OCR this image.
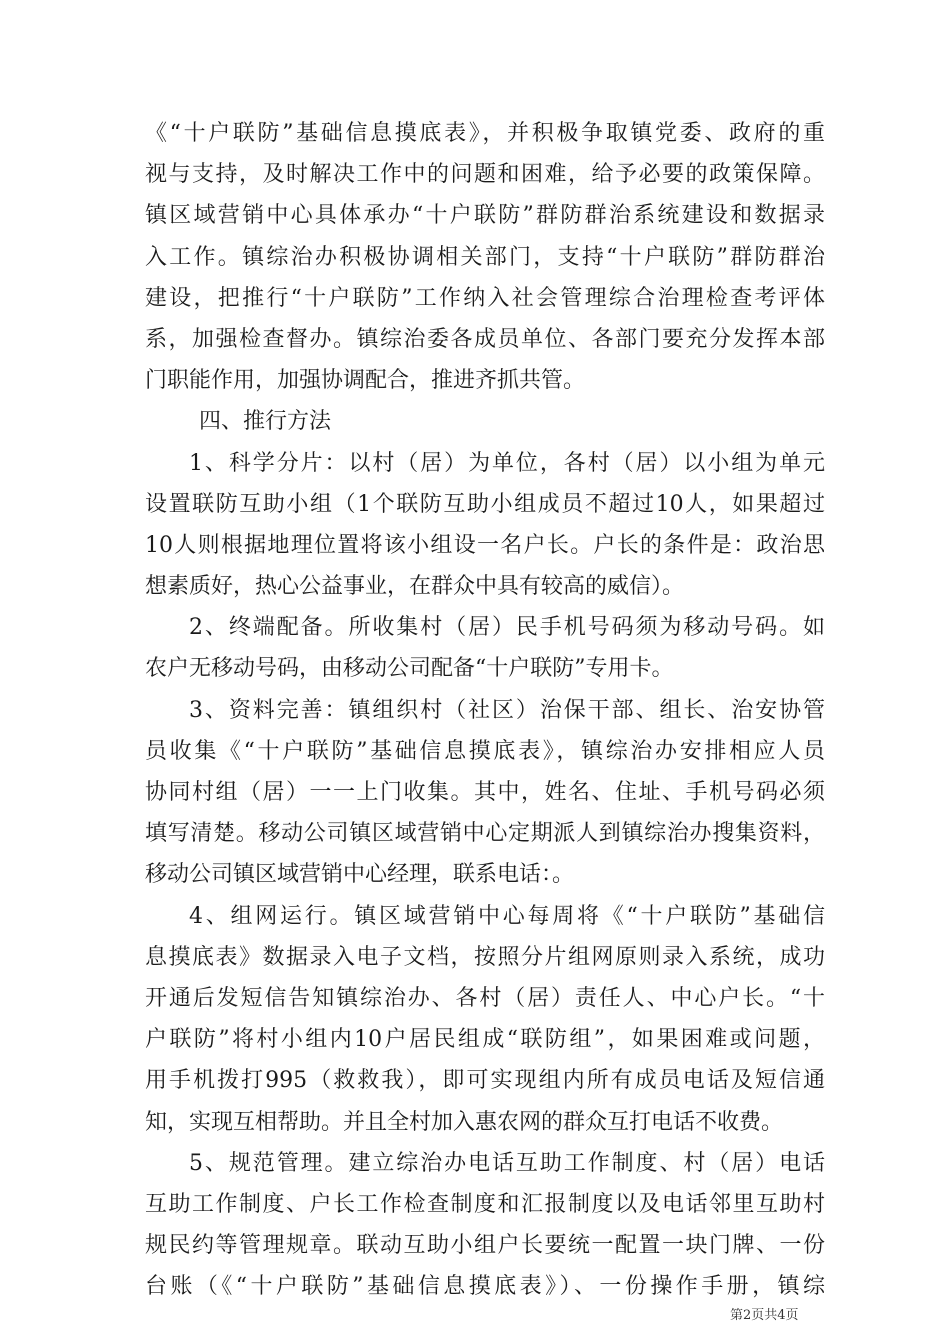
《“十户联防”基础信息摸底表》，并积极争取镇党委、政府的重
视与支持，及时解决工作中的问题和困难，给予必要的政策保障。
镇区域营销中心具体承办“十户联防”群防群治系统建设和数据录
入工作。镇综治办积极协调相关部门，支持“十户联防”群防群治
建设，把推行“十户联防”工作纳入社会管理综合治理检查考评体
系，加强检查督办。镇综治委各成员单位、各部门要充分发挥本部
门职能作用，加强协调配合，推进齐抓共管。
四、推行方法
1、科学分片：以村（居）为单位，各村（居）以小组为单元
设置联防互助小组（1个联防互助小组成员不超过10人，如果超过
10人则根据地理位置将该小组设一名户长。户长的条件是：政治思
想素质好，热心公益事业，在群众中具有较高的威信）。
2、终端配备。所收集村（居）民手机号码须为移动号码。如
农户无移动号码，由移动公司配备“十户联防”专用卡。
3、资料完善：镇组织村（社区）治保干部、组长、治安协管
员收集《“十户联防”基础信息摸底表》，镇综治办安排相应人员
协同村组（居）一一上门收集。其中，姓名、住址、手机号码必须
填写清楚。移动公司镇区域营销中心定期派人到镇综治办搜集资料，
移动公司镇区域营销中心经理，联系电话：。
4、组网运行。镇区域营销中心每周将《“十户联防”基础信
息摸底表》数据录入电子文档，按照分片组网原则录入系统，成功
开通后发短信告知镇综治办、各村（居）责任人、中心户长。“十
户联防”将村小组内10户居民组成“联防组”，如果困难或问题，
用手机拨打995（救救我），即可实现组内所有成员电话及短信通
知，实现互相帮助。并且全村加入惠农网的群众互打电话不收费。
5、规范管理。建立综治办电话互助工作制度、村（居）电话
互助工作制度、户长工作检查制度和汇报制度以及电话邻里互助村
规民约等管理规章。联动互助小组户长要统一配置一块门牌、一份
台账（《“十户联防”基础信息摸底表》）、一份操作手册，镇综
第2页共4页
